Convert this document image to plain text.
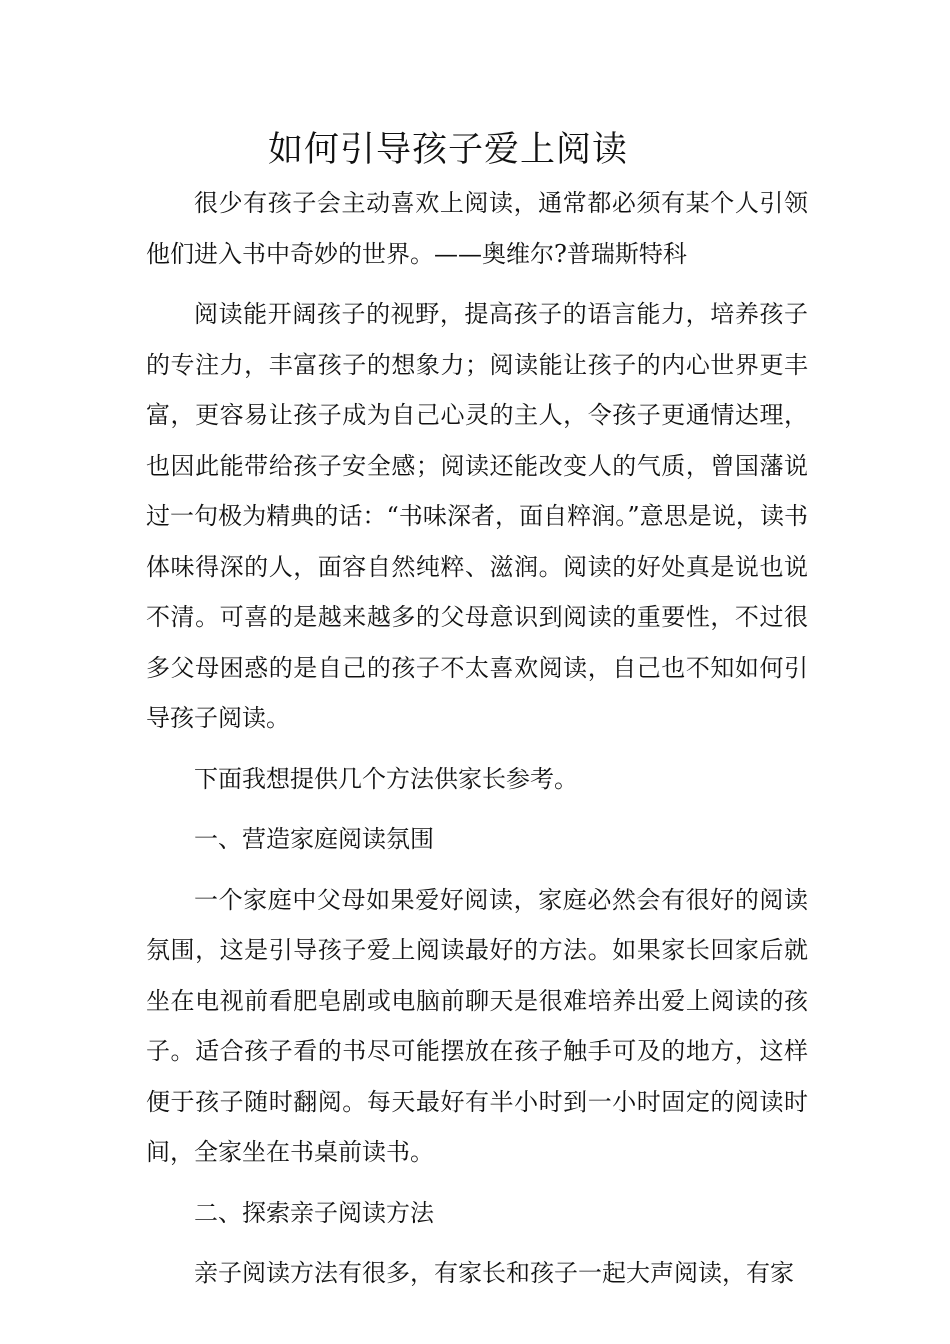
如何引导孩子爱上阅读

很少有孩子会主动喜欢上阅读，通常都必须有某个人引领他们进入书中奇妙的世界。——奥维尔?普瑞斯特科

阅读能开阔孩子的视野，提高孩子的语言能力，培养孩子的专注力，丰富孩子的想象力；阅读能让孩子的内心世界更丰富，更容易让孩子成为自己心灵的主人，令孩子更通情达理，也因此能带给孩子安全感；阅读还能改变人的气质，曾国藩说过一句极为精典的话：“书味深者，面自粹润。”意思是说，读书体味得深的人，面容自然纯粹、滋润。阅读的好处真是说也说不清。可喜的是越来越多的父母意识到阅读的重要性，不过很多父母困惑的是自己的孩子不太喜欢阅读，自己也不知如何引导孩子阅读。

下面我想提供几个方法供家长参考。

一、营造家庭阅读氛围

一个家庭中父母如果爱好阅读，家庭必然会有很好的阅读氛围，这是引导孩子爱上阅读最好的方法。如果家长回家后就坐在电视前看肥皂剧或电脑前聊天是很难培养出爱上阅读的孩子。适合孩子看的书尽可能摆放在孩子触手可及的地方，这样便于孩子随时翻阅。每天最好有半小时到一小时固定的阅读时间，全家坐在书桌前读书。

二、探索亲子阅读方法

亲子阅读方法有很多，有家长和孩子一起大声阅读，有家
